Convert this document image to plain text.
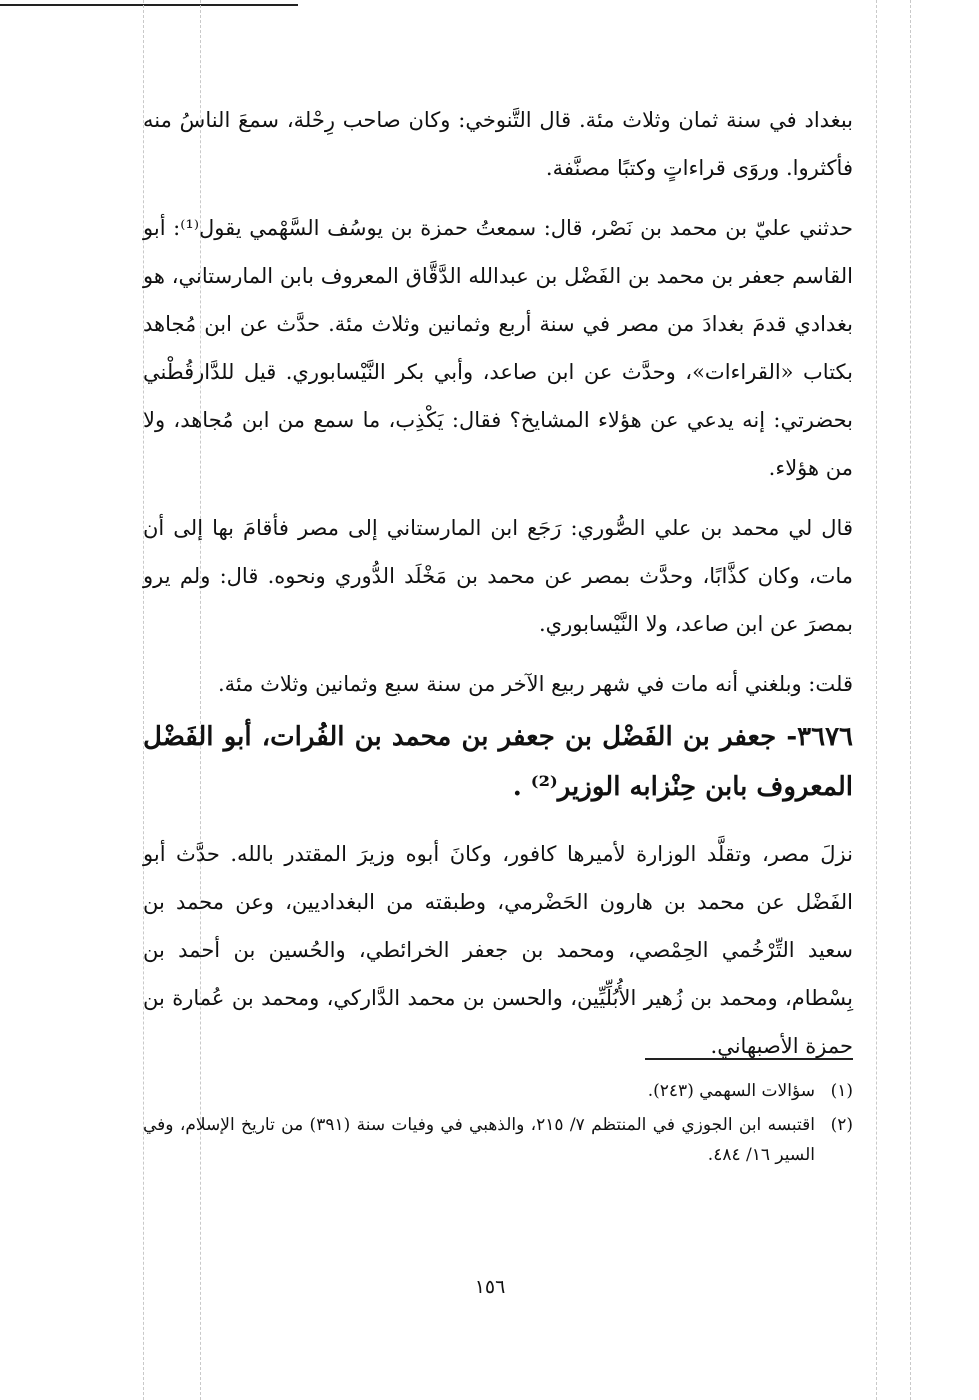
ببغداد في سنة ثمان وثلاث مئة. قال التَّنوخي: وكان صاحب رِحْلة، سمعَ الناسُ منه فأكثروا. وروَى قراءاتٍ وكتبًا مصنَّفة.

حدثني عليّ بن محمد بن نَصْر، قال: سمعتُ حمزة بن يوسُف السَّهْمي يقول⁽¹⁾: أبو القاسم جعفر بن محمد بن الفَضْل بن عبدالله الدَّقَّاق المعروف بابن المارستاني، هو بغدادي قدمَ بغدادَ من مصر في سنة أربع وثمانين وثلاث مئة. حدَّث عن ابن مُجاهد بكتاب «القراءات»، وحدَّث عن ابن صاعد، وأبي بكر النَّيْسابوري. قيل للدَّارقُطْني بحضرتي: إنه يدعي عن هؤلاء المشايخ؟ فقال: يَكْذِب، ما سمع من ابن مُجاهد، ولا من هؤلاء.

قال لي محمد بن علي الصُّوري: رَجَع ابن المارستاني إلى مصر فأقامَ بها إلى أن مات، وكان كذَّابًا، وحدَّث بمصر عن محمد بن مَخْلَد الدُّوري ونحوه. قال: ولم يرو بمصرَ عن ابن صاعد، ولا النَّيْسابوري.

قلت: وبلغني أنه مات في شهر ربيع الآخر من سنة سبع وثمانين وثلاث مئة.

٣٦٧٦- جعفر بن الفَضْل بن جعفر بن محمد بن الفُرات، أبو الفَضْل المعروف بابن حِنْزابه الوزير⁽²⁾ .

نزلَ مصر، وتقلَّد الوزارة لأميرها كافور، وكانَ أبوه وزيرَ المقتدر بالله. حدَّث أبو الفَضْل عن محمد بن هارون الحَضْرمي، وطبقته من البغداديين، وعن محمد بن سعيد التِّرْخُمي الحِمْصي، ومحمد بن جعفر الخرائطي، والحُسين بن أحمد بن بِسْطام، ومحمد بن زُهير الأُبُلِّيِّين، والحسن بن محمد الدَّاركي، ومحمد بن عُمارة بن حمزة الأصبهاني.

(١)
سؤالات السهمي (٢٤٣).
(٢)
اقتبسه ابن الجوزي في المنتظم ٧/ ٢١٥، والذهبي في وفيات سنة (٣٩١) من تاريخ الإسلام، وفي السير ١٦/ ٤٨٤.
١٥٦
